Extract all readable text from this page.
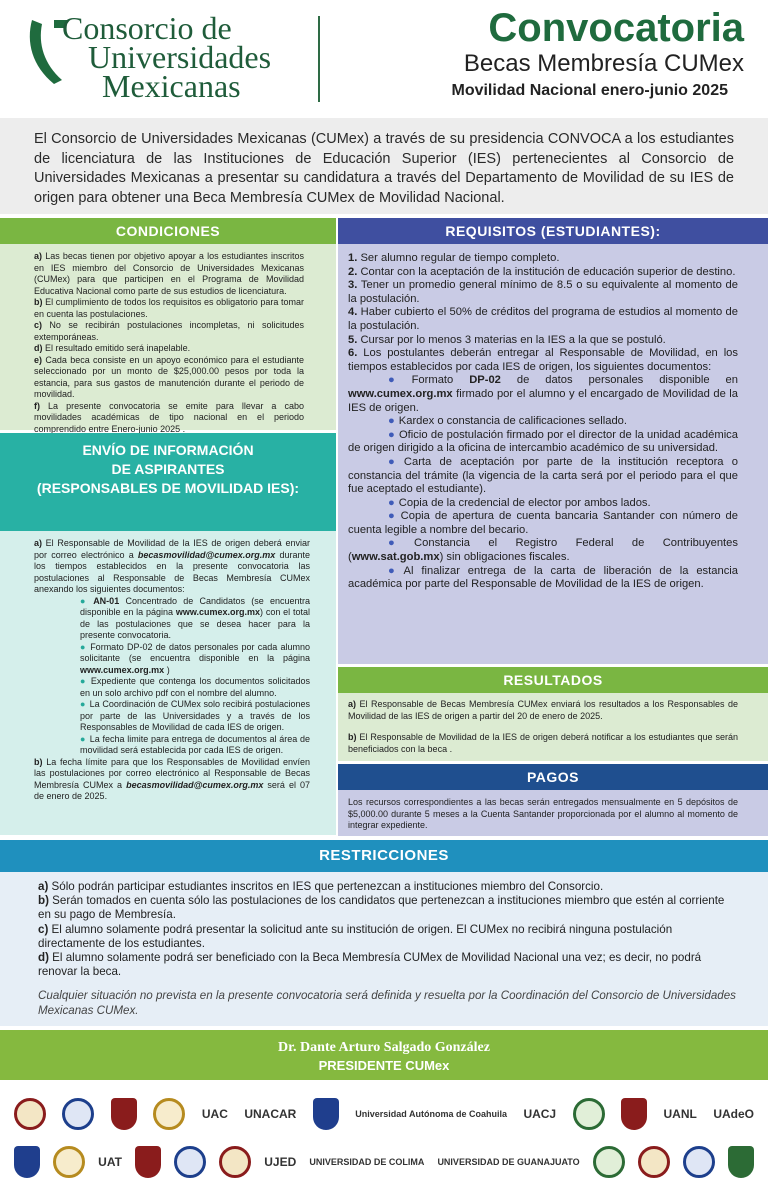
Consorcio de
Universidades
Mexicanas
Convocatoria
Becas Membresía CUMex
Movilidad Nacional enero-junio 2025
El Consorcio de Universidades Mexicanas (CUMex) a través de su presidencia CONVOCA a los estudiantes de licenciatura de las Instituciones de Educación Superior (IES) pertenecientes al Consorcio de Universidades Mexicanas a presentar su candidatura a través del Departamento de Movilidad de su IES de origen para obtener una Beca Membresía CUMex de Movilidad Nacional.
CONDICIONES

a) Las becas tienen por objetivo apoyar a los estudiantes inscritos en IES miembro del Consorcio de Universidades Mexicanas (CUMex) para que participen en el Programa de Movilidad Educativa Nacional como parte de sus estudios de licenciatura.

b) El cumplimiento de todos los requisitos es obligatorio para tomar en cuenta las postulaciones.

c) No se recibirán postulaciones incompletas, ni solicitudes extemporáneas.

d) El resultado emitido será inapelable.

e) Cada beca consiste en un apoyo económico para el estudiante seleccionado por un monto de $25,000.00 pesos por toda la estancia, para sus gastos de manutención durante el periodo de movilidad.

f) La presente convocatoria se emite para llevar a cabo movilidades académicas de tipo nacional en el periodo comprendido entre Enero-junio 2025 .

ENVÍO DE INFORMACIÓN
DE ASPIRANTES
(RESPONSABLES DE MOVILIDAD IES):

a) El Responsable de Movilidad de la IES de origen deberá enviar por correo electrónico a becasmovilidad@cumex.org.mx durante los tiempos establecidos en la presente convocatoria las postulaciones al Responsable de Becas Membresía CUMex anexando los siguientes documentos:

● AN-01 Concentrado de Candidatos (se encuentra disponible en la página www.cumex.org.mx) con el total de las postulaciones que se desea hacer para la presente convocatoria.

● Formato DP-02 de datos personales por cada alumno solicitante (se encuentra disponible en la página www.cumex.org.mx )

● Expediente que contenga los documentos solicitados en un solo archivo pdf con el nombre del alumno.

● La Coordinación de CUMex solo recibirá postulaciones por parte de las Universidades y a través de los Responsables de Movilidad de cada IES de origen.

● La fecha limite para entrega de documentos al área de movilidad será establecida por cada IES de origen.

b) La fecha límite para que los Responsables de Movilidad envíen las postulaciones por correo electrónico al Responsable de Becas Membresía CUMex a becasmovilidad@cumex.org.mx será el 07 de enero de 2025.

REQUISITOS (ESTUDIANTES):

1. Ser alumno regular de tiempo completo.

2. Contar con la aceptación de la institución de educación superior de destino.

3. Tener un promedio general mínimo de 8.5 o su equivalente al momento de la postulación.

4. Haber cubierto el 50% de créditos del programa de estudios al momento de la postulación.

5. Cursar por lo menos 3 materias en la IES a la que se postuló.

6. Los postulantes deberán entregar al Responsable de Movilidad, en los tiempos establecidos por cada IES de origen, los siguientes documentos:

● Formato DP-02 de datos personales disponible en www.cumex.org.mx firmado por el alumno y el encargado de Movilidad de la IES de origen.

● Kardex o constancia de calificaciones sellado.

● Oficio de postulación firmado por el director de la unidad académica de origen dirigido a la oficina de intercambio académico de su universidad.

● Carta de aceptación por parte de la institución receptora o constancia del trámite (la vigencia de la carta será por el periodo para el que fue aceptado el estudiante).

● Copia de la credencial de elector por ambos lados.

● Copia de apertura de cuenta bancaria Santander con número de cuenta legible a nombre del becario.

● Constancia el Registro Federal de Contribuyentes (www.sat.gob.mx) sin obligaciones fiscales.

● Al finalizar entrega de la carta de liberación de la estancia académica por parte del Responsable de Movilidad de la IES de origen.

RESULTADOS

a) El Responsable de Becas Membresía CUMex enviará los resultados a los Responsables de Movilidad de las IES de origen a partir del 20 de enero de 2025.

b) El Responsable de Movilidad de la IES de origen deberá notificar a los estudiantes que serán beneficiados con la beca .

PAGOS
Los recursos correspondientes a las becas serán entregados mensualmente en 5 depósitos de $5,000.00 durante 5 meses a la Cuenta Santander proporcionada por el alumno al momento de integrar expediente.
RESTRICCIONES

a) Sólo podrán participar estudiantes inscritos en IES que pertenezcan a instituciones miembro del Consorcio.

b) Serán tomados en cuenta sólo las postulaciones de los candidatos que pertenezcan a instituciones miembro que estén al corriente en su pago de Membresía.

c) El alumno solamente podrá presentar la solicitud ante su institución de origen. El CUMex no recibirá ninguna postulación directamente de los estudiantes.

d) El alumno solamente podrá ser beneficiado con la Beca Membresía CUMex de Movilidad Nacional una vez; es decir, no podrá renovar la beca.

Cualquier situación no prevista en la presente convocatoria será definida y resuelta por la Coordinación del Consorcio de Universidades Mexicanas CUMex.

Dr. Dante Arturo Salgado González
PRESIDENTE CUMex
UAC UNACAR	Universidad Autónoma de Coahuila UACJ	UANL UAdeO
UAT	UJED UNIVERSIDAD DE COLIMA UNIVERSIDAD DE GUANAJUATO
